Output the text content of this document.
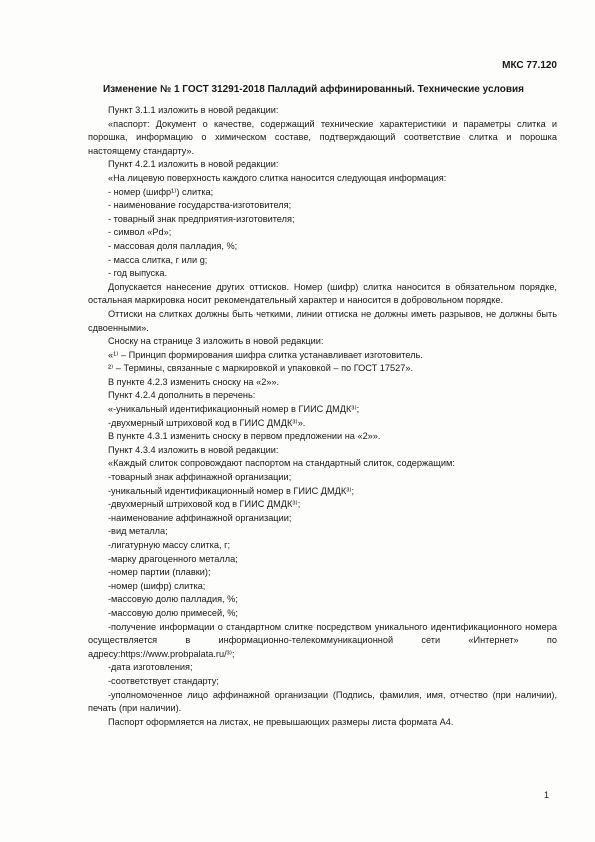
МКС 77.120
Изменение № 1 ГОСТ 31291-2018 Палладий аффинированный. Технические условия

Пункт 3.1.1 изложить в новой редакции:

«паспорт: Документ о качестве, содержащий технические характеристики и параметры слитка и порошка, информацию о химическом составе, подтверждающий соответствие слитка и порошка настоящему стандарту».

Пункт 4.2.1 изложить в новой редакции:

«На лицевую поверхность каждого слитка наносится следующая информация:

- номер (шифр¹⁾) слитка;

- наименование государства-изготовителя;

- товарный знак предприятия-изготовителя;

- символ «Pd»;

- массовая доля палладия, %;

- масса слитка, г или g;

- год выпуска.

Допускается нанесение других оттисков. Номер (шифр) слитка наносится в обязательном порядке, остальная маркировка носит рекомендательный характер и наносится в добровольном порядке.

Оттиски на слитках должны быть четкими, линии оттиска не должны иметь разрывов, не должны быть сдвоенными».

Сноску на странице 3 изложить в новой редакции:

«¹⁾ – Принцип формирования шифра слитка устанавливает изготовитель.

²⁾ – Термины, связанные с маркировкой и упаковкой – по ГОСТ 17527».

В пункте 4.2.3 изменить сноску на «2»».

Пункт 4.2.4 дополнить в перечень:

«-уникальный идентификационный номер в ГИИС ДМДК³⁾;

-двухмерный штриховой код в ГИИС ДМДК³⁾».

В пункте 4.3.1 изменить сноску в первом предложении на «2»».

Пункт 4.3.4 изложить в новой редакции:

«Каждый слиток сопровождают паспортом на стандартный слиток, содержащим:

-товарный знак аффинажной организации;

-уникальный идентификационный номер в ГИИС ДМДК³⁾;

-двухмерный штриховой код в ГИИС ДМДК³⁾;

-наименование аффинажной организации;

-вид металла;

-лигатурную массу слитка, г;

-марку драгоценного металла;

-номер партии (плавки);

-номер (шифр) слитка;

-массовую долю палладия, %;

-массовую долю примесей, %;

-получение информации о стандартном слитке посредством уникального идентификационного номера осуществляется в информационно-телекоммуникационной сети «Интернет» по адресу:https://www.probpalata.ru/³⁾;

-дата изготовления;

-соответствует стандарту;

-уполномоченное лицо аффинажной организации (Подпись, фамилия, имя, отчество (при наличии), печать (при наличии).

Паспорт оформляется на листах, не превышающих размеры листа формата А4.

1
